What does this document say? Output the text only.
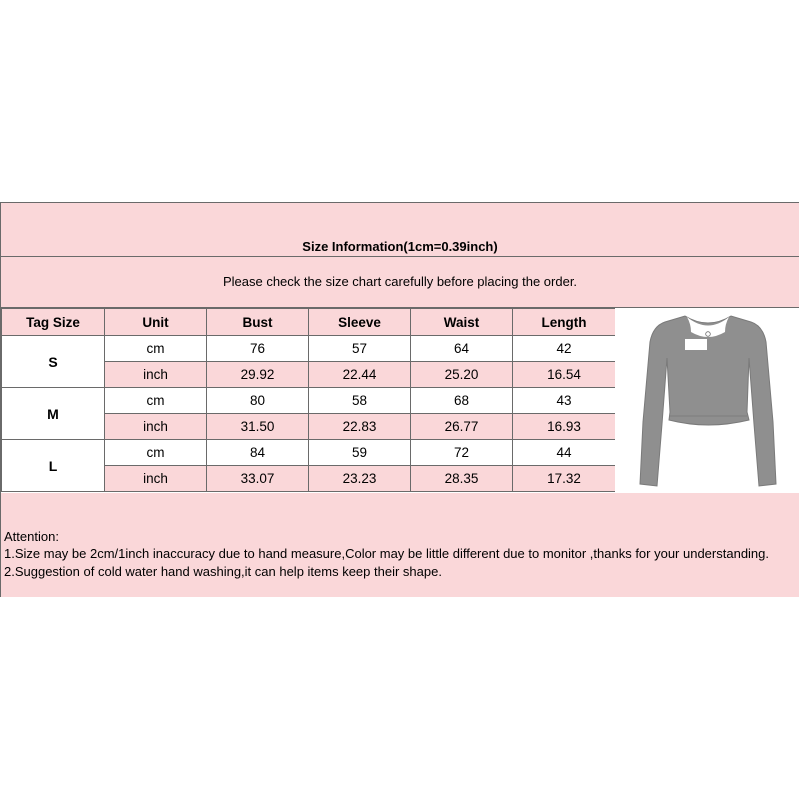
Size Information(1cm=0.39inch)
Please check the size chart carefully before placing the order.
Tag Size	Unit	Bust	Sleeve	Waist	Length
S	cm	76	57	64	42
	inch	29.92	22.44	25.20	16.54
M	cm	80	58	68	43
	inch	31.50	22.83	26.77	16.93
L	cm	84	59	72	44
	inch	33.07	23.23	28.35	17.32

Attention:

1.Size may be 2cm/1inch inaccuracy due to hand measure,Color may be little different due to monitor ,thanks for your understanding.
2.Suggestion of cold water hand washing,it can help items keep their shape.
